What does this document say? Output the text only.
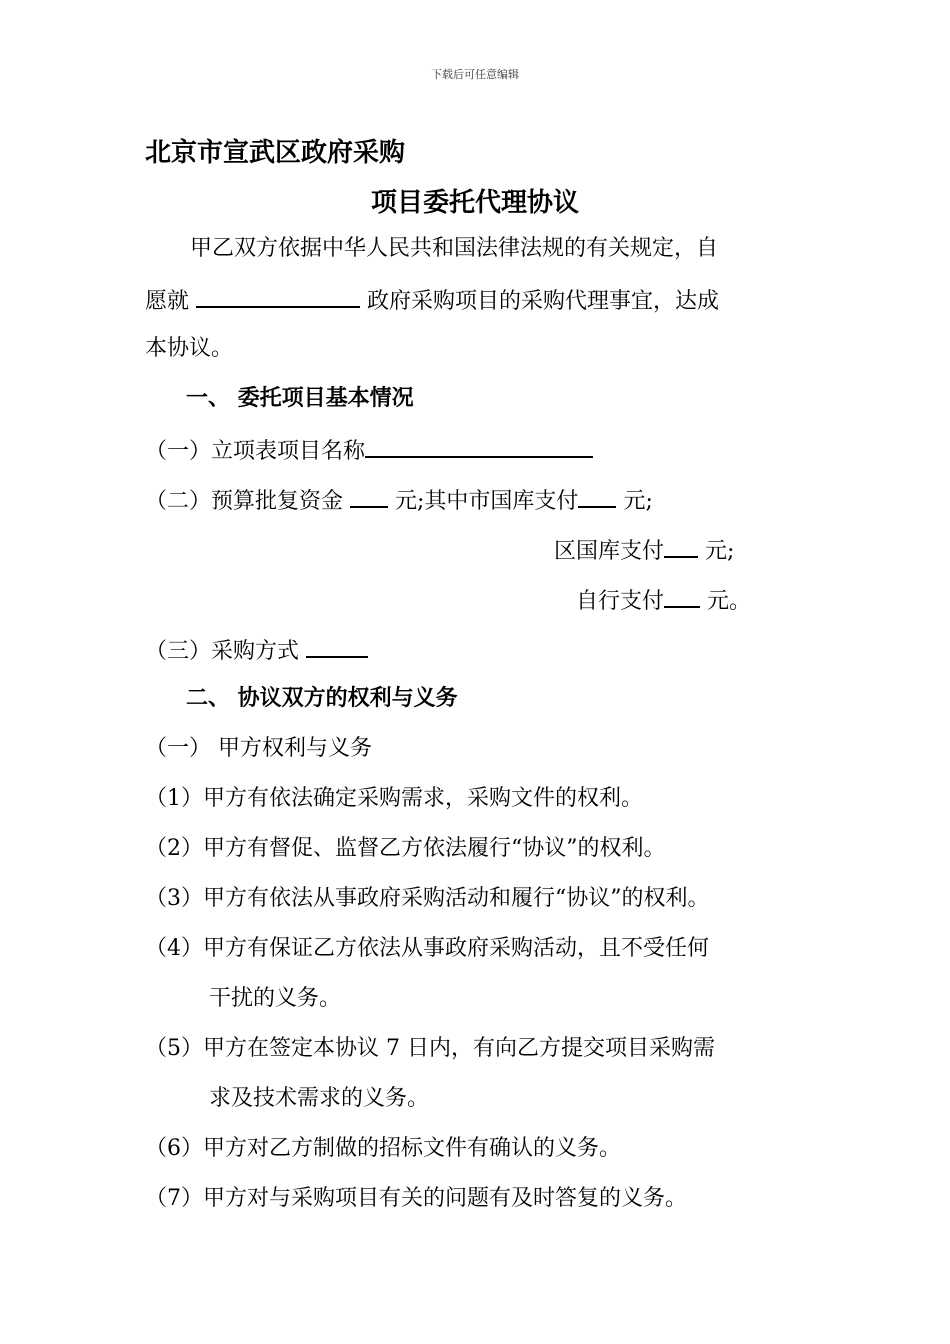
下载后可任意编辑
北京市宣武区政府采购
项目委托代理协议
甲乙双方依据中华人民共和国法律法规的有关规定，自
愿就	政府采购项目的采购代理事宜，达成
本协议。
一、 委托项目基本情况
（一）立项表项目名称
（二）预算批复资金 元;其中市国库支付 元;
区国库支付 元;
自行支付 元。
（三）采购方式
二、 协议双方的权利与义务
（一） 甲方权利与义务
（1）甲方有依法确定采购需求，采购文件的权利。
（2）甲方有督促、监督乙方依法履行“协议”的权利。
（3）甲方有依法从事政府采购活动和履行“协议”的权利。
（4）甲方有保证乙方依法从事政府采购活动，且不受任何
干扰的义务。
（5）甲方在签定本协议 7 日内，有向乙方提交项目采购需
求及技术需求的义务。
（6）甲方对乙方制做的招标文件有确认的义务。
（7）甲方对与采购项目有关的问题有及时答复的义务。
